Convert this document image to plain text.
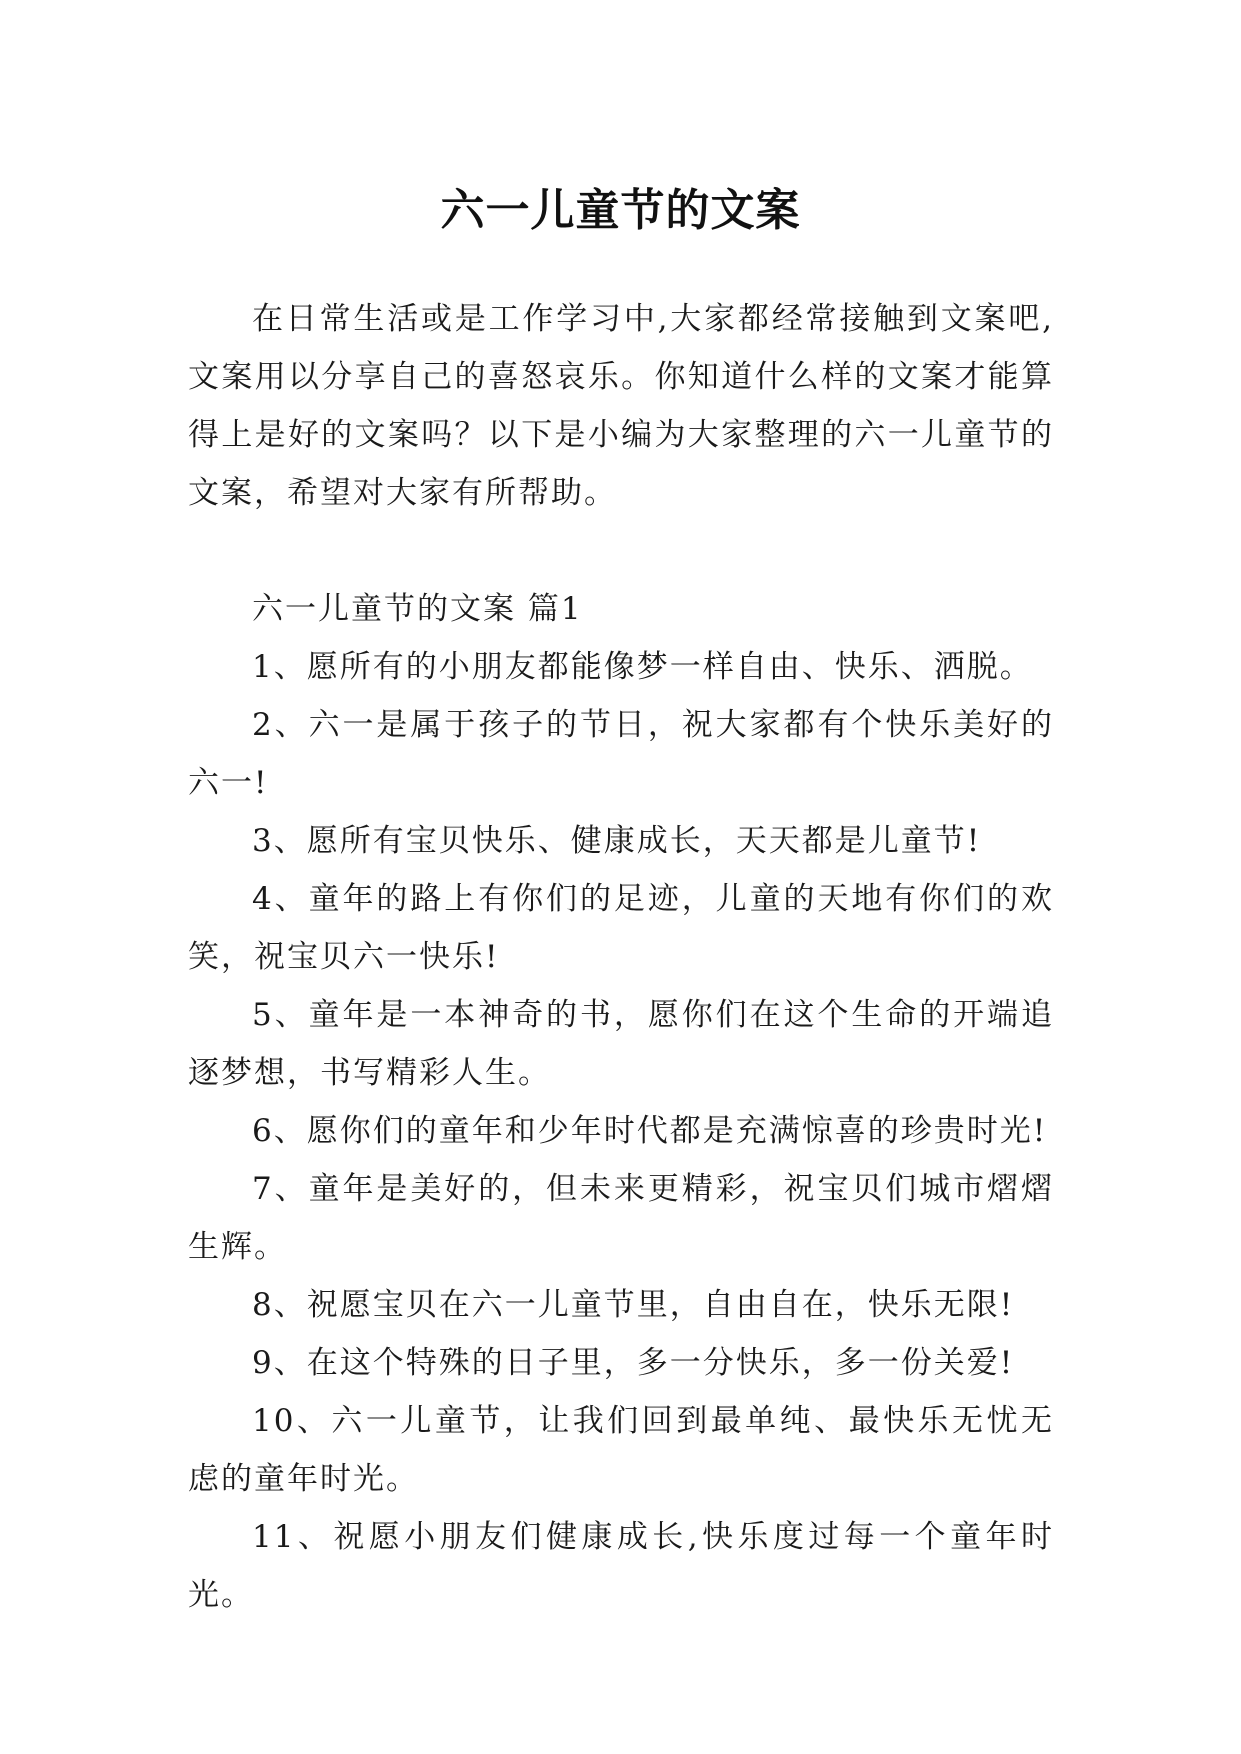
六一儿童节的文案

在日常生活或是工作学习中,大家都经常接触到文案吧,文案用以分享自己的喜怒哀乐。你知道什么样的文案才能算得上是好的文案吗？以下是小编为大家整理的六一儿童节的文案，希望对大家有所帮助。

六一儿童节的文案 篇1

1、愿所有的小朋友都能像梦一样自由、快乐、洒脱。

2、六一是属于孩子的节日，祝大家都有个快乐美好的六一!

3、愿所有宝贝快乐、健康成长，天天都是儿童节!

4、童年的路上有你们的足迹，儿童的天地有你们的欢笑，祝宝贝六一快乐!

5、童年是一本神奇的书，愿你们在这个生命的开端追逐梦想，书写精彩人生。

6、愿你们的童年和少年时代都是充满惊喜的珍贵时光!

7、童年是美好的，但未来更精彩，祝宝贝们城市熠熠生辉。

8、祝愿宝贝在六一儿童节里，自由自在，快乐无限!

9、在这个特殊的日子里，多一分快乐，多一份关爱!

10、六一儿童节，让我们回到最单纯、最快乐无忧无虑的童年时光。

11、祝愿小朋友们健康成长,快乐度过每一个童年时光。
